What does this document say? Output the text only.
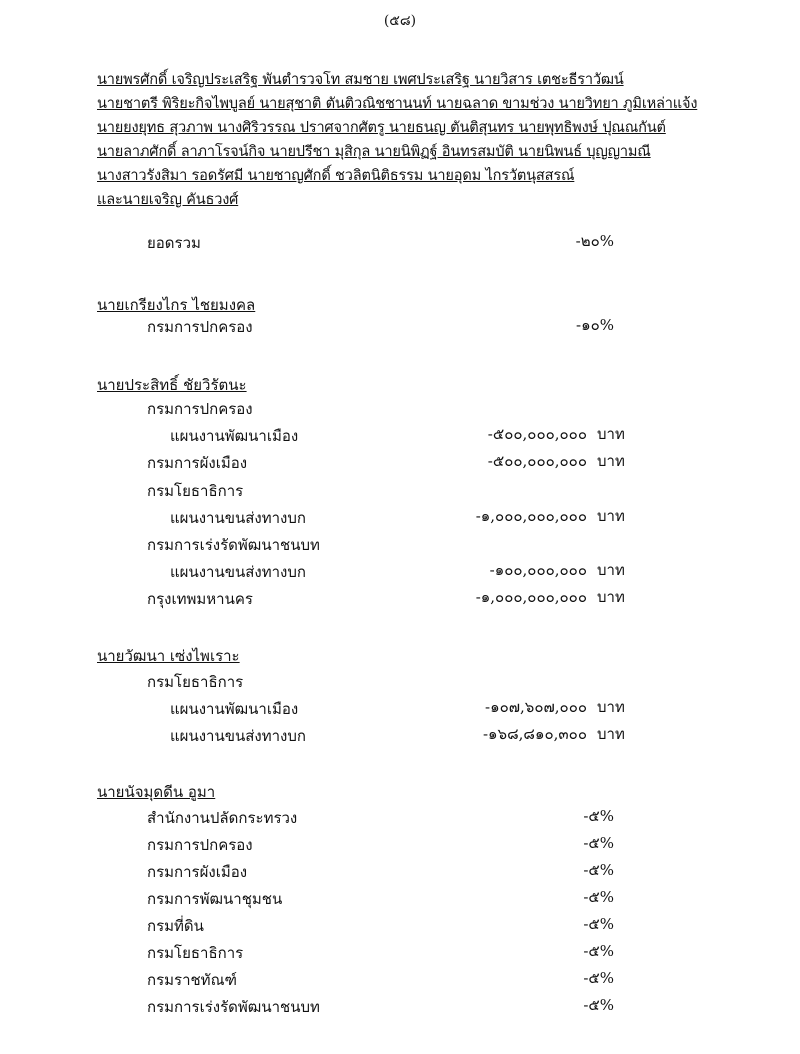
(๕๘)
นายพรศักดิ์ เจริญประเสริฐ พันตำรวจโท สมชาย เพศประเสริฐ นายวิสาร เตชะธีราวัฒน์
นายชาตรี พิริยะกิจไพบูลย์ นายสุชาติ ตันติวณิชชานนท์ นายฉลาด ขามช่วง นายวิทยา ภูมิเหล่าแจ้ง
นายยงยุทธ สุวภาพ นางศิริวรรณ ปราศจากศัตรู นายธนญ ตันติสุนทร นายพุทธิพงษ์ ปุณณกันต์
นายลาภศักดิ์ ลาภาโรจน์กิจ นายปรีชา มุสิกุล นายนิพิฏฐ์ อินทรสมบัติ นายนิพนธ์ บุญญามณี
นางสาวรังสิมา รอดรัศมี นายชาญศักดิ์ ชวลิตนิติธรรม นายอุดม ไกรวัตนุสสรณ์
และนายเจริญ คันธวงศ์
ยอดรวม	-๒๐%
นายเกรียงไกร ไชยมงคล
กรมการปกครอง	-๑๐%
นายประสิทธิ์ ชัยวิรัตนะ
กรมการปกครอง
แผนงานพัฒนาเมือง	-๕๐๐,๐๐๐,๐๐๐ บาท
กรมการผังเมือง	-๕๐๐,๐๐๐,๐๐๐ บาท
กรมโยธาธิการ
แผนงานขนส่งทางบก	-๑,๐๐๐,๐๐๐,๐๐๐ บาท
กรมการเร่งรัดพัฒนาชนบท
แผนงานขนส่งทางบก	-๑๐๐,๐๐๐,๐๐๐ บาท
กรุงเทพมหานคร	-๑,๐๐๐,๐๐๐,๐๐๐ บาท
นายวัฒนา เซ่งไพเราะ
กรมโยธาธิการ
แผนงานพัฒนาเมือง	-๑๐๗,๖๐๗,๐๐๐ บาท
แผนงานขนส่งทางบก	-๑๖๘,๘๑๐,๓๐๐ บาท
นายนัจมุดดีน อูมา
สำนักงานปลัดกระทรวง	-๕%
กรมการปกครอง	-๕%
กรมการผังเมือง	-๕%
กรมการพัฒนาชุมชน	-๕%
กรมที่ดิน	-๕%
กรมโยธาธิการ	-๕%
กรมราชทัณฑ์	-๕%
กรมการเร่งรัดพัฒนาชนบท	-๕%
